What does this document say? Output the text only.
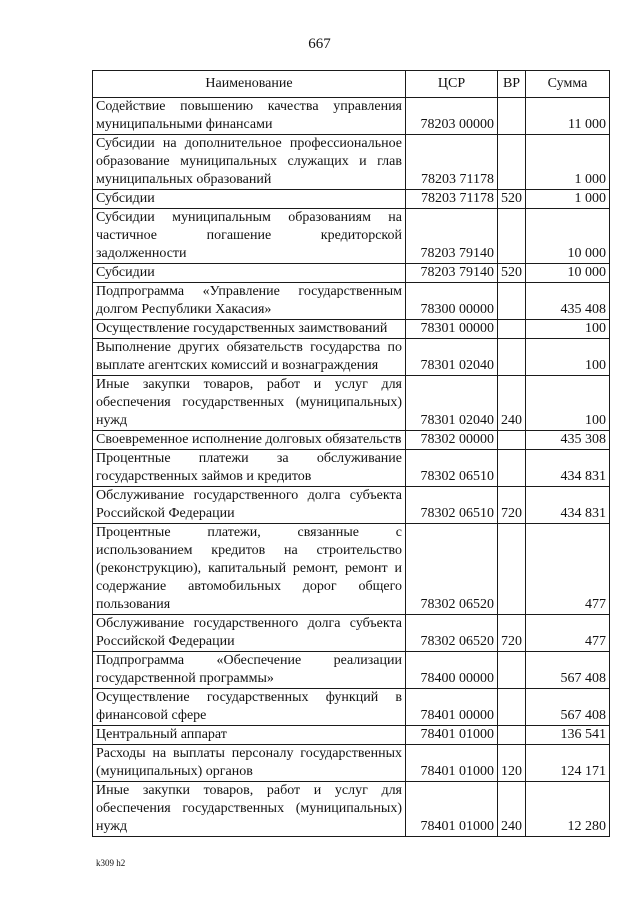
667
Наименование	ЦСР	ВР	Сумма
Содействие повышению качества управления муниципальными финансами	78203 00000		11 000
Субсидии на дополнительное профессиональное образование муниципальных служащих и глав муниципальных образований	78203 71178		1 000
Субсидии	78203 71178	520	1 000
Субсидии муниципальным образованиям на частичное погашение кредиторской задолженности	78203 79140		10 000
Субсидии	78203 79140	520	10 000
Подпрограмма «Управление государственным долгом Республики Хакасия»	78300 00000		435 408
Осуществление государственных заимствований	78301 00000		100
Выполнение других обязательств государства по выплате агентских комиссий и вознаграждения	78301 02040		100
Иные закупки товаров, работ и услуг для обеспечения государственных (муниципальных) нужд	78301 02040	240	100
Своевременное исполнение долговых обязательств	78302 00000		435 308
Процентные платежи за обслуживание государственных займов и кредитов	78302 06510		434 831
Обслуживание государственного долга субъекта Российской Федерации	78302 06510	720	434 831
Процентные платежи, связанные с использованием кредитов на строительство (реконструкцию), капитальный ремонт, ремонт и содержание автомобильных дорог общего пользования	78302 06520		477
Обслуживание государственного долга субъекта Российской Федерации	78302 06520	720	477
Подпрограмма «Обеспечение реализации государственной программы»	78400 00000		567 408
Осуществление государственных функций в финансовой сфере	78401 00000		567 408
Центральный аппарат	78401 01000		136 541
Расходы на выплаты персоналу государственных (муниципальных) органов	78401 01000	120	124 171
Иные закупки товаров, работ и услуг для обеспечения государственных (муниципальных) нужд	78401 01000	240	12 280
k309 h2
